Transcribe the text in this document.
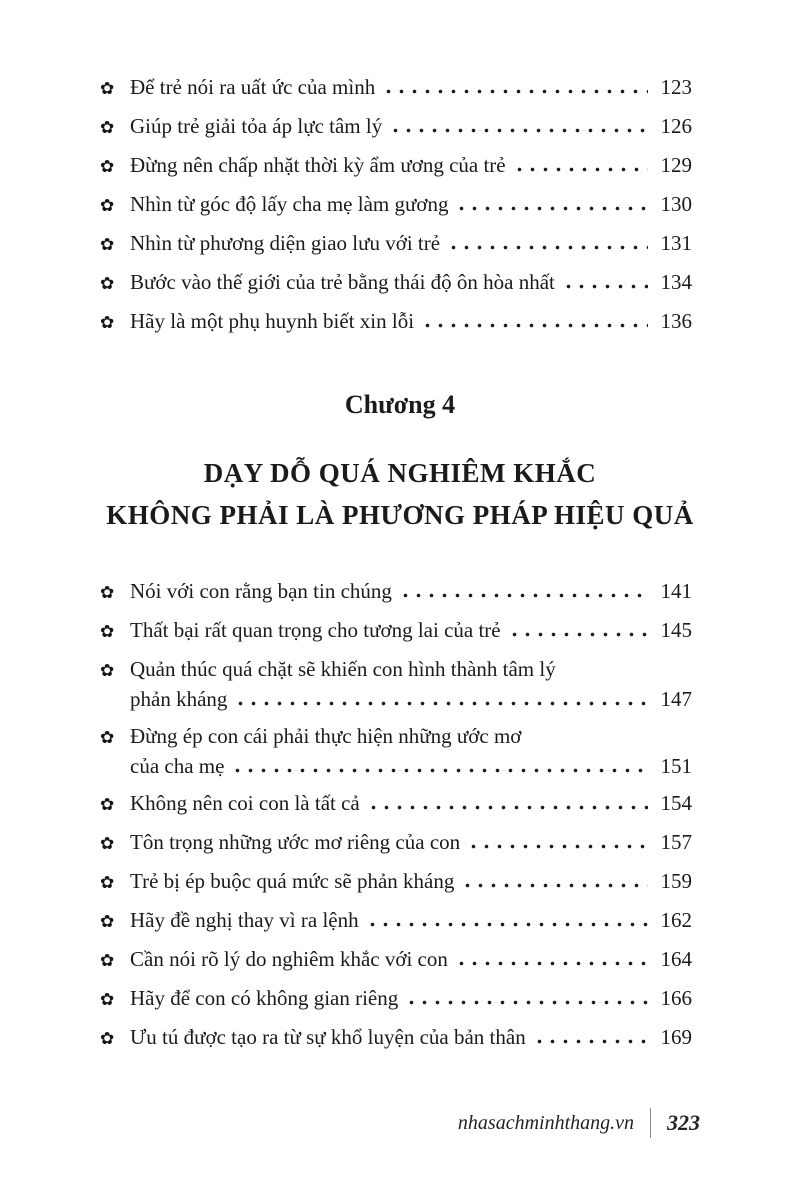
✿ Để trẻ nói ra uất ức của mình	123
✿ Giúp trẻ giải tỏa áp lực tâm lý	126
✿ Đừng nên chấp nhặt thời kỳ ẩm ương của trẻ	129
✿ Nhìn từ góc độ lấy cha mẹ làm gương	130
✿ Nhìn từ phương diện giao lưu với trẻ	131
✿ Bước vào thế giới của trẻ bằng thái độ ôn hòa nhất	134
✿ Hãy là một phụ huynh biết xin lỗi	136
Chương 4
DẠY DỖ QUÁ NGHIÊM KHẮC
KHÔNG PHẢI LÀ PHƯƠNG PHÁP HIỆU QUẢ
✿ Nói với con rằng bạn tin chúng	141
✿ Thất bại rất quan trọng cho tương lai của trẻ	145
✿ Quản thúc quá chặt sẽ khiến con hình thành tâm lý
phản kháng	147
✿ Đừng ép con cái phải thực hiện những ước mơ
của cha mẹ	151
✿ Không nên coi con là tất cả	154
✿ Tôn trọng những ước mơ riêng của con	157
✿ Trẻ bị ép buộc quá mức sẽ phản kháng	159
✿ Hãy đề nghị thay vì ra lệnh	162
✿ Cần nói rõ lý do nghiêm khắc với con	164
✿ Hãy để con có không gian riêng	166
✿ Ưu tú được tạo ra từ sự khổ luyện của bản thân	169
nhasachminhthang.vn 323
